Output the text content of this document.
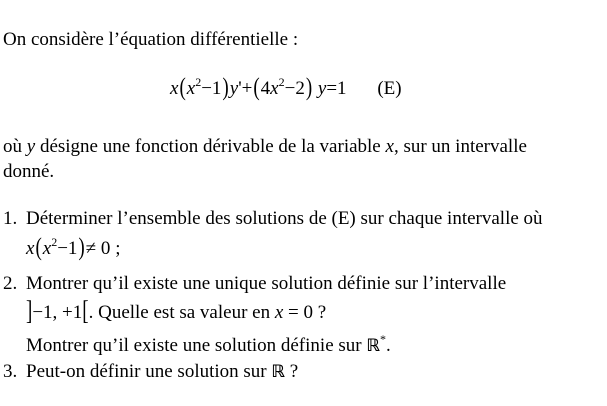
On considère l’équation différentielle :
$x(x^2-1)y'+(4x^2-2)$ y=1 (E)
où y désigne une fonction dérivable de la variable x, sur un intervalle
donné.
1. Déterminer l’ensemble des solutions de (E) sur chaque intervalle où
$x(x^2-1)\ne 0$ ;
2. Montrer qu’il existe une unique solution définie sur l’intervalle
]−1, +1[. Quelle est sa valeur en x = 0 ?
Montrer qu’il existe une solution définie sur ℝ*.
3. Peut-on définir une solution sur ℝ ?
